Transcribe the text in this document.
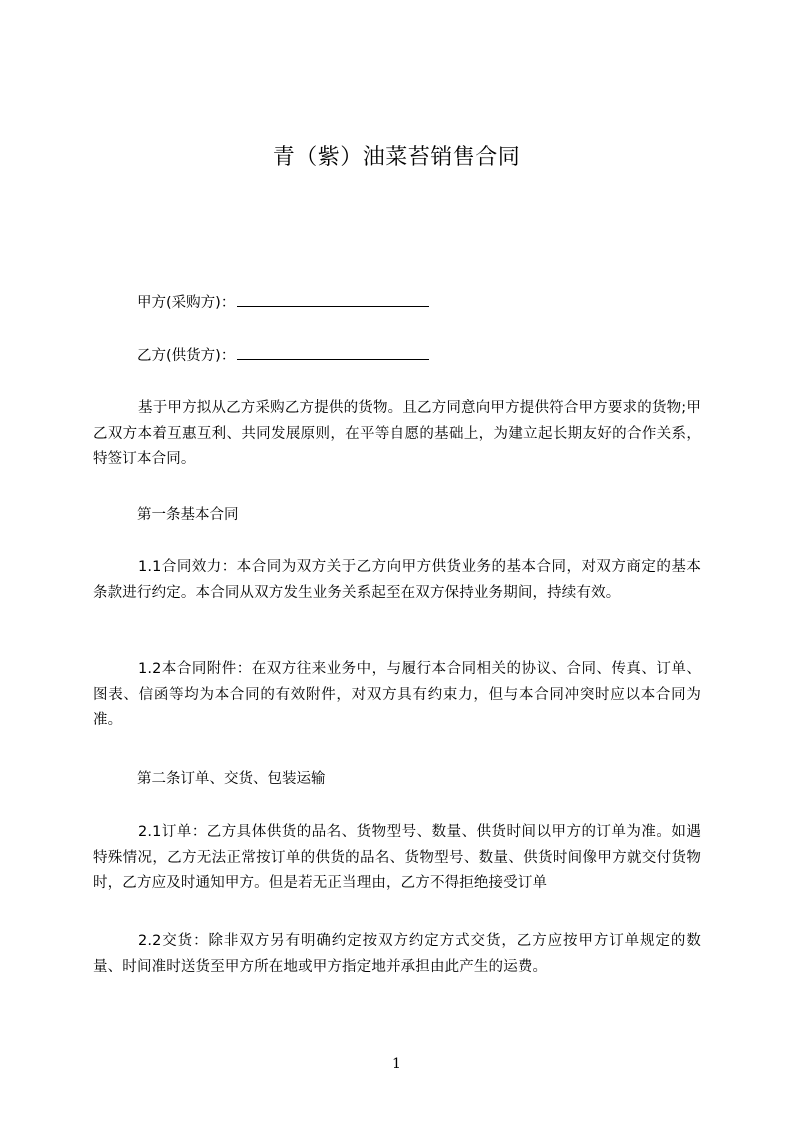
青（紫）油菜苔销售合同
甲方(采购方)：
乙方(供货方)：
基于甲方拟从乙方采购乙方提供的货物。且乙方同意向甲方提供符合甲方要求的货物;甲乙双方本着互惠互利、共同发展原则，在平等自愿的基础上，为建立起长期友好的合作关系，特签订本合同。
第一条基本合同
1.1合同效力：本合同为双方关于乙方向甲方供货业务的基本合同，对双方商定的基本条款进行约定。本合同从双方发生业务关系起至在双方保持业务期间，持续有效。
1.2本合同附件：在双方往来业务中，与履行本合同相关的协议、合同、传真、订单、图表、信函等均为本合同的有效附件，对双方具有约束力，但与本合同冲突时应以本合同为准。
第二条订单、交货、包装运输
2.1订单：乙方具体供货的品名、货物型号、数量、供货时间以甲方的订单为准。如遇特殊情况，乙方无法正常按订单的供货的品名、货物型号、数量、供货时间像甲方就交付货物时，乙方应及时通知甲方。但是若无正当理由，乙方不得拒绝接受订单
2.2交货：除非双方另有明确约定按双方约定方式交货，乙方应按甲方订单规定的数量、时间准时送货至甲方所在地或甲方指定地并承担由此产生的运费。
1
